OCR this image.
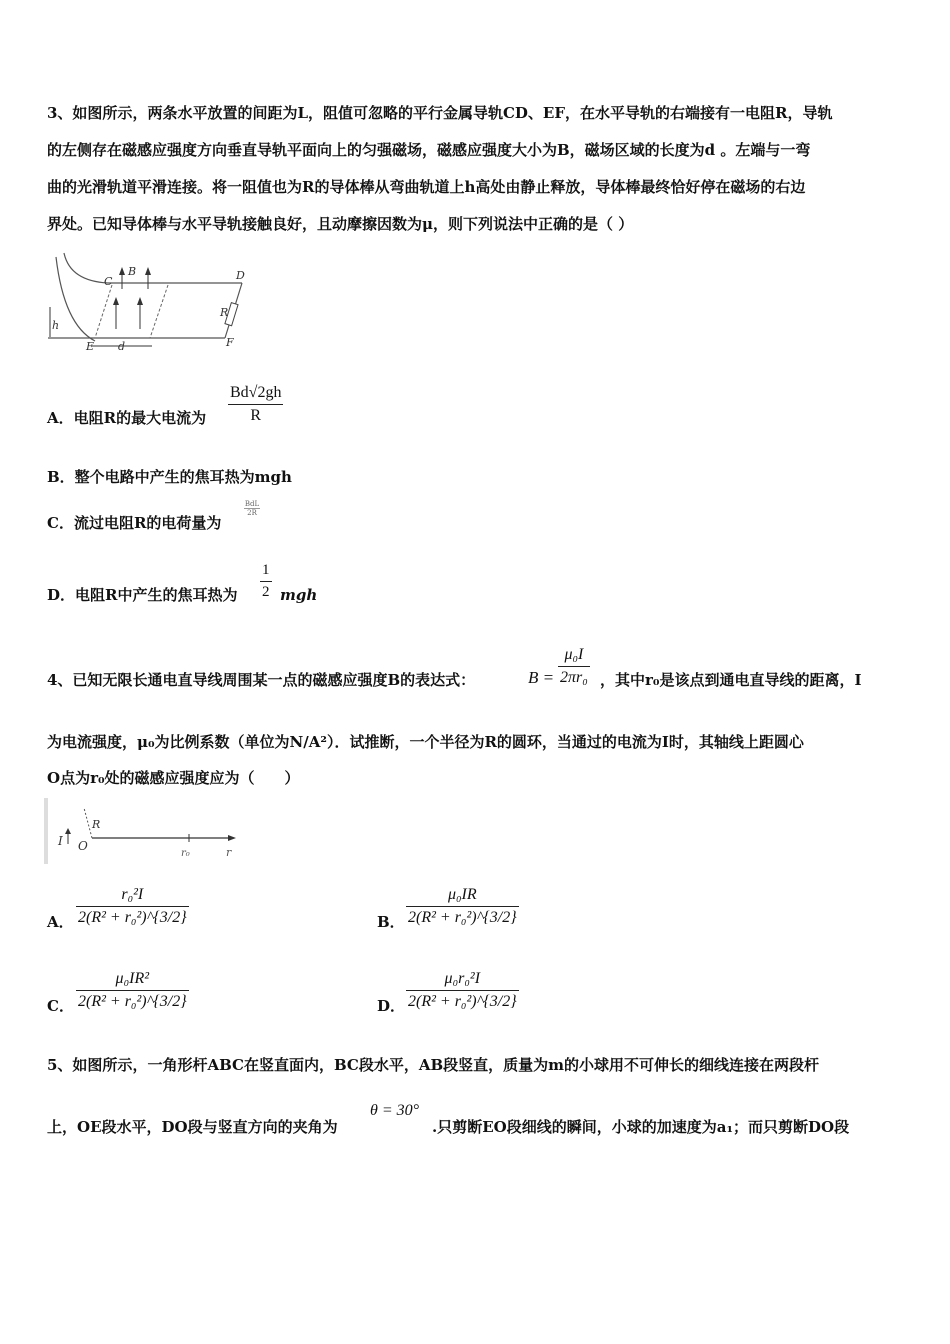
3、如图所示，两条水平放置的间距为L，阻值可忽略的平行金属导轨CD、EF，在水平导轨的右端接有一电阻R，导轨
的左侧存在磁感应强度方向垂直导轨平面向上的匀强磁场，磁感应强度大小为B，磁场区域的长度为d 。左端与一弯
曲的光滑轨道平滑连接。将一阻值也为R的导体棒从弯曲轨道上h高处由静止释放，导体棒最终恰好停在磁场的右边
界处。已知导体棒与水平导轨接触良好，且动摩擦因数为μ，则下列说法中正确的是（ ）
C
B	D
R
h
E d	F
A．电阻R的最大电流为 $\frac{Bd√2gh}{R}$
B．整个电路中产生的焦耳热为mgh
C．流过电阻R的电荷量为
BdL
2R
D．电阻R中产生的焦耳热为 $\frac{1}{2}$ mgh
4、已知无限长通电直导线周围某一点的磁感应强度B的表达式：	$B = \frac{\text{μ₀I}}{\text{2πr₀}}$ ，其中r₀是该点到通电直导线的距离，I
为电流强度，μ₀为比例系数（单位为N/A²）．试推断，一个半径为R的圆环，当通过的电流为I时，其轴线上距圆心
O点为r₀处的磁感应强度应为（　　）
I O
R
r₀	r
A． $\frac{\text{r₀²I}}{\text{2(R² + r₀²)\textasciicircum{}\{3/2\}}}$	B． $\frac{\text{μ₀IR}}{\text{2(R² + r₀²)\textasciicircum{}\{3/2\}}}$
C． $\frac{\text{μ₀IR²}}{\text{2(R² + r₀²)\textasciicircum{}\{3/2\}}}$	D． $\frac{\text{μ₀r₀²I}}{\text{2(R² + r₀²)\textasciicircum{}\{3/2\}}}$
5、如图所示，一角形杆ABC在竖直面内，BC段水平，AB段竖直，质量为m的小球用不可伸长的细线连接在两段杆
上，OE段水平，DO段与竖直方向的夹角为
θ = 30°
.只剪断EO段细线的瞬间，小球的加速度为a₁；而只剪断DO段
